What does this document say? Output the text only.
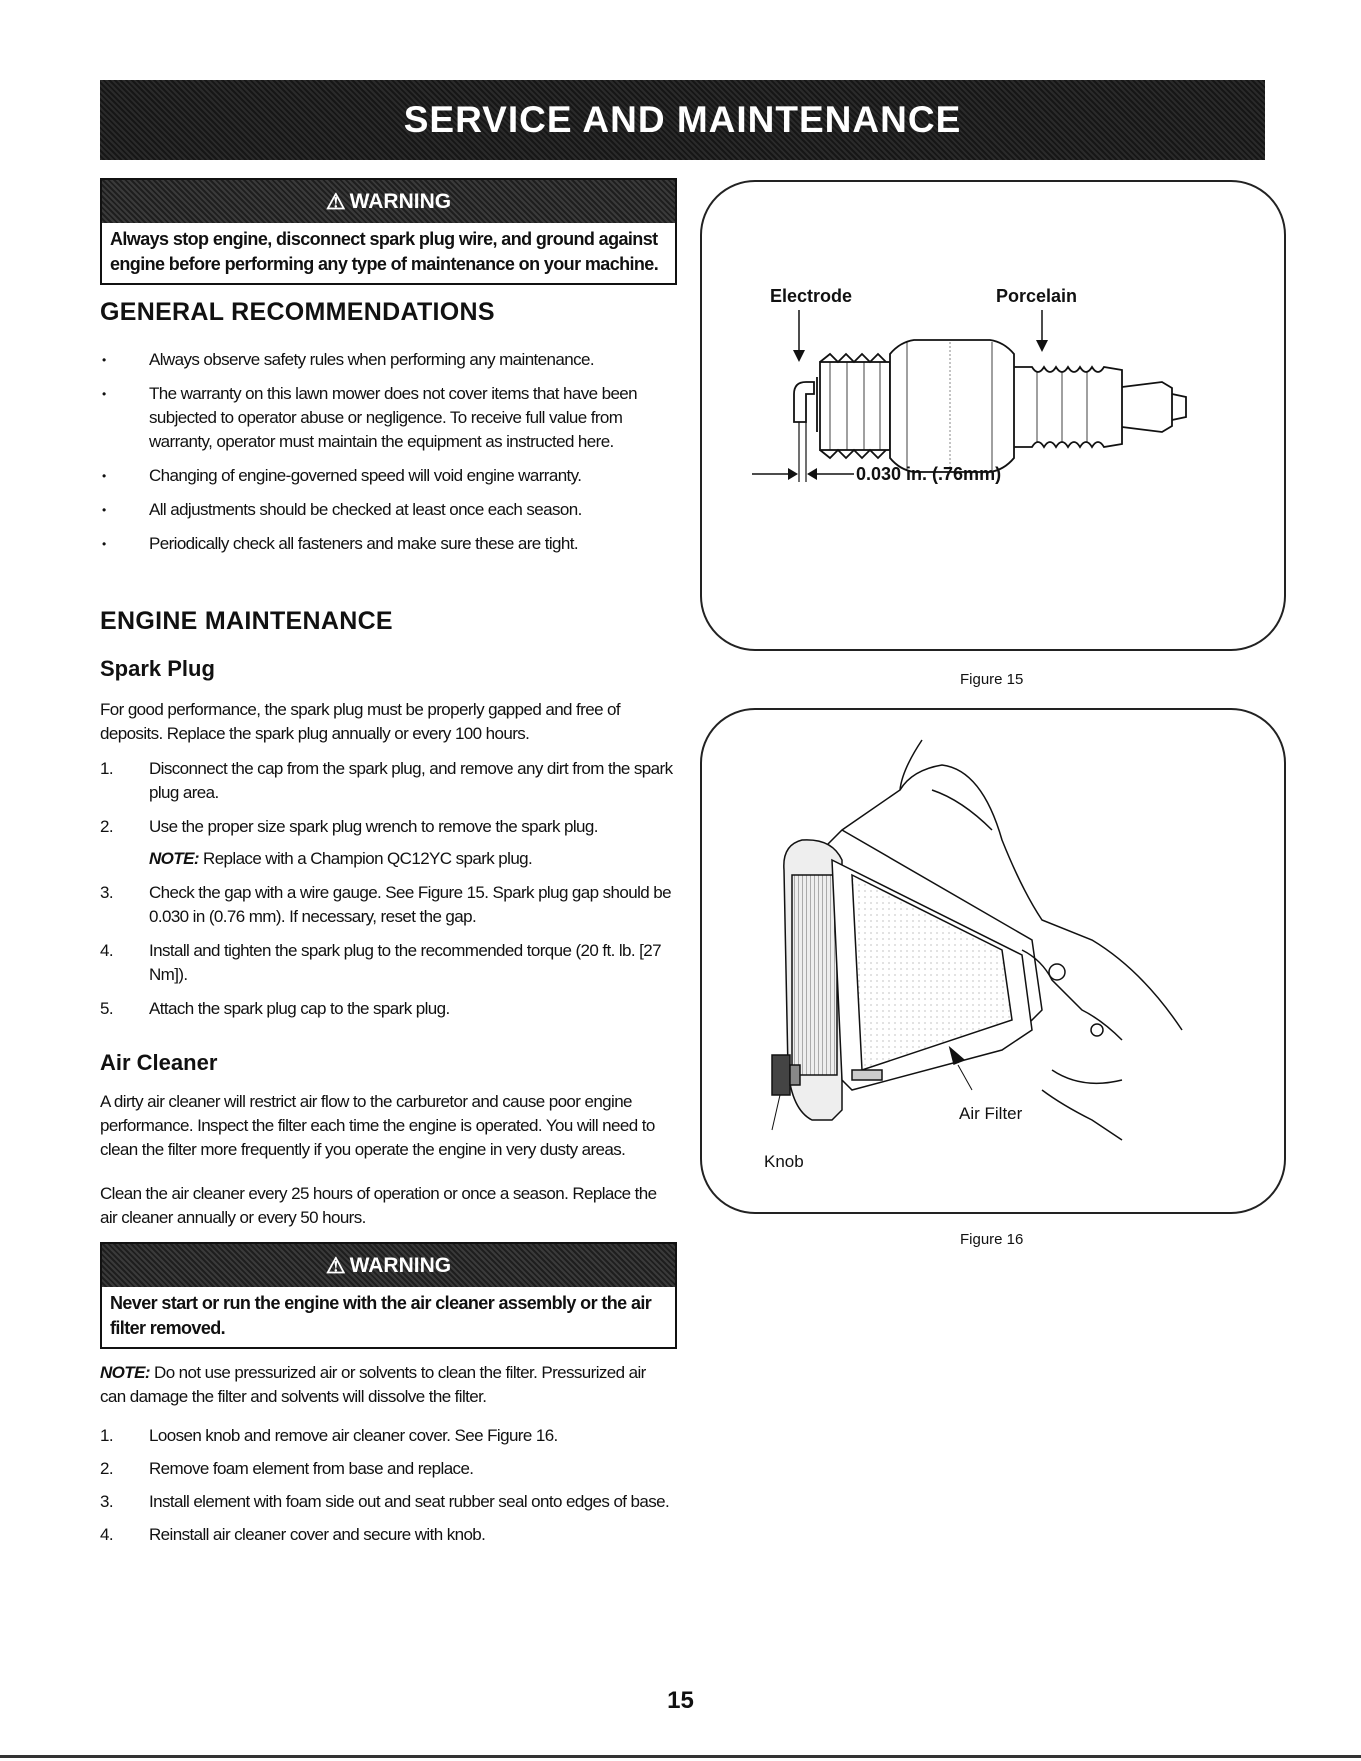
SERVICE AND MAINTENANCE
⚠ WARNING
Always stop engine, disconnect spark plug wire, and ground against engine before performing any type of maintenance on your machine.
GENERAL RECOMMENDATIONS
•	Always observe safety rules when performing any maintenance.
•	The warranty on this lawn mower does not cover items that have been subjected to operator abuse or negligence. To receive full value from warranty, operator must maintain the equipment as instructed here.
•	Changing of engine-governed speed will void engine warranty.
•	All adjustments should be checked at least once each season.
•	Periodically check all fasteners and make sure these are tight.
ENGINE MAINTENANCE
Spark Plug

For good performance, the spark plug must be properly gapped and free of deposits. Replace the spark plug annually or every 100 hours.

1. Disconnect the cap from the spark plug, and remove any dirt from the spark plug area.
2. Use the proper size spark plug wrench to remove the spark plug.
NOTE: Replace with a Champion QC12YC spark plug.
3. Check the gap with a wire gauge. See Figure 15. Spark plug gap should be 0.030 in (0.76 mm). If necessary, reset the gap.
4. Install and tighten the spark plug to the recommended torque (20 ft. lb. [27 Nm]).
5. Attach the spark plug cap to the spark plug.
Air Cleaner

A dirty air cleaner will restrict air flow to the carburetor and cause poor engine performance. Inspect the filter each time the engine is operated. You will need to clean the filter more frequently if you operate the engine in very dusty areas.

Clean the air cleaner every 25 hours of operation or once a season. Replace the air cleaner annually or every 50 hours.

⚠ WARNING
Never start or run the engine with the air cleaner assembly or the air filter removed.

NOTE: Do not use pressurized air or solvents to clean the filter. Pressurized air can damage the filter and solvents will dissolve the filter.

1. Loosen knob and remove air cleaner cover. See Figure 16.
2. Remove foam element from base and replace.
3. Install element with foam side out and seat rubber seal onto edges of base.
4. Reinstall air cleaner cover and secure with knob.
Electrode	Porcelain
0.030 in. (.76mm)
Figure 15
Air Filter
Knob
Figure 16
15
